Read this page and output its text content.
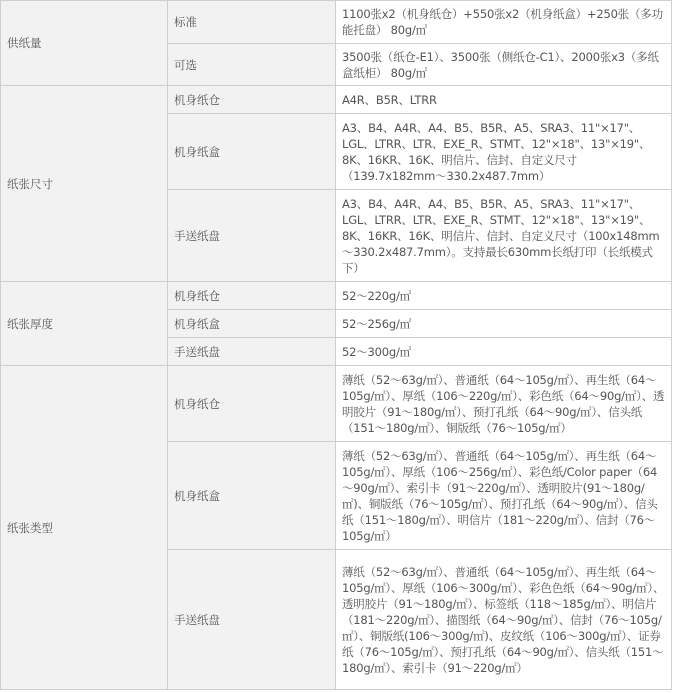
供纸量	标准	1100张x2（机身纸仓）+550张x2（机身纸盒）+250张（多功能托盘） 80g/㎡
	可选	3500张（纸仓-E1）、3500张（侧纸仓-C1）、2000张x3（多纸盒纸柜） 80g/㎡
纸张尺寸	机身纸仓	A4R、B5R、LTRR
	机身纸盒	A3、B4、A4R、A4、B5、B5R、A5、SRA3、11"×17"、LGL、LTRR、LTR、EXE_R、STMT、12"×18"、13"×19"、8K、16KR、16K、明信片、信封、自定义尺寸（139.7x182mm～330.2x487.7mm）
	手送纸盘	A3、B4、A4R、A4、B5、B5R、A5、SRA3、11"×17"、LGL、LTRR、LTR、EXE_R、STMT、12"×18"、13"×19"、8K、16KR、16K、明信片、信封、自定义尺寸（100x148mm～330.2x487.7mm）。支持最长630mm长纸打印（长纸模式下）
纸张厚度	机身纸仓	52～220g/㎡
	机身纸盒	52～256g/㎡
	手送纸盘	52～300g/㎡
纸张类型	机身纸仓	薄纸（52～63g/㎡）、普通纸（64～105g/㎡）、再生纸（64～105g/㎡）、厚纸（106～220g/㎡）、彩色纸（64～90g/㎡）、透明胶片（91～180g/㎡）、预打孔纸（64～90g/㎡）、信头纸（151～180g/㎡）、铜版纸（76～105g/㎡）
	机身纸盒	薄纸（52～63g/㎡）、普通纸（64～105g/㎡）、再生纸（64～105g/㎡）、厚纸（106～256g/㎡）、彩色纸/Color paper（64～90g/㎡）、索引卡（91～220g/㎡）、透明胶片(91～180g/㎡)、铜版纸（76～105g/㎡）、预打孔纸（64～90g/㎡）、信头纸（151～180g/㎡）、明信片（181～220g/㎡）、信封（76～105g/㎡）
	手送纸盘	薄纸（52～63g/㎡）、普通纸（64～105g/㎡）、再生纸（64～105g/㎡）、厚纸（106～300g/㎡）、彩色色纸（64～90g/㎡）、透明胶片（91～180g/㎡）、标签纸（118～185g/㎡）、明信片（181～220g/㎡）、描图纸（64～90g/㎡）、信封（76～105g/㎡）、铜版纸(106～300g/㎡)、皮纹纸（106～300g/㎡）、证券纸（76～105g/㎡）、预打孔纸（64～90g/㎡）、信头纸（151～180g/㎡）、索引卡（91～220g/㎡）
